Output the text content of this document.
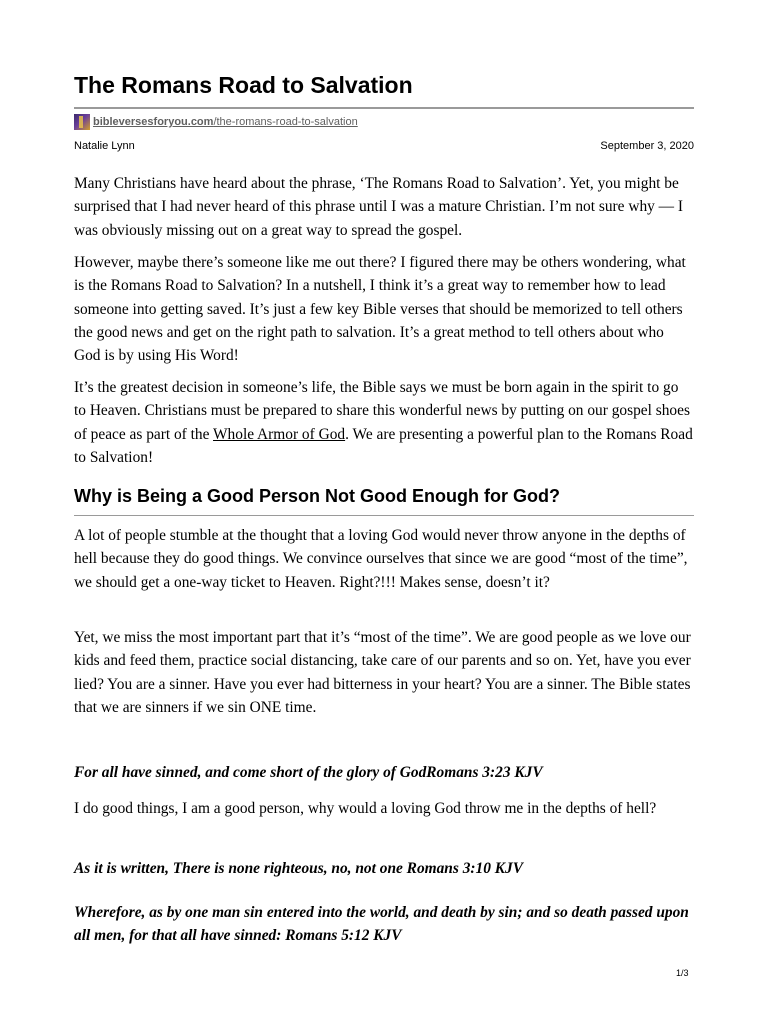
The Romans Road to Salvation
bibleversesforyou.com/the-romans-road-to-salvation
Natalie Lynn	September 3, 2020

Many Christians have heard about the phrase, ‘The Romans Road to Salvation’. Yet, you might be surprised that I had never heard of this phrase until I was a mature Christian. I’m not sure why — I was obviously missing out on a great way to spread the gospel.

However, maybe there’s someone like me out there? I figured there may be others wondering, what is the Romans Road to Salvation? In a nutshell, I think it’s a great way to remember how to lead someone into getting saved. It’s just a few key Bible verses that should be memorized to tell others the good news and get on the right path to salvation. It’s a great method to tell others about who God is by using His Word!

It’s the greatest decision in someone’s life, the Bible says we must be born again in the spirit to go to Heaven. Christians must be prepared to share this wonderful news by putting on our gospel shoes of peace as part of the Whole Armor of God. We are presenting a powerful plan to the Romans Road to Salvation!

Why is Being a Good Person Not Good Enough for God?

A lot of people stumble at the thought that a loving God would never throw anyone in the depths of hell because they do good things. We convince ourselves that since we are good “most of the time”, we should get a one-way ticket to Heaven. Right?!!! Makes sense, doesn’t it?

Yet, we miss the most important part that it’s “most of the time”. We are good people as we love our kids and feed them, practice social distancing, take care of our parents and so on. Yet, have you ever lied? You are a sinner. Have you ever had bitterness in your heart? You are a sinner. The Bible states that we are sinners if we sin ONE time.

For all have sinned, and come short of the glory of GodRomans 3:23 KJV

I do good things, I am a good person, why would a loving God throw me in the depths of hell?

As it is written, There is none righteous, no, not one Romans 3:10 KJV

Wherefore, as by one man sin entered into the world, and death by sin; and so death passed upon all men, for that all have sinned: Romans 5:12 KJV

1/3
